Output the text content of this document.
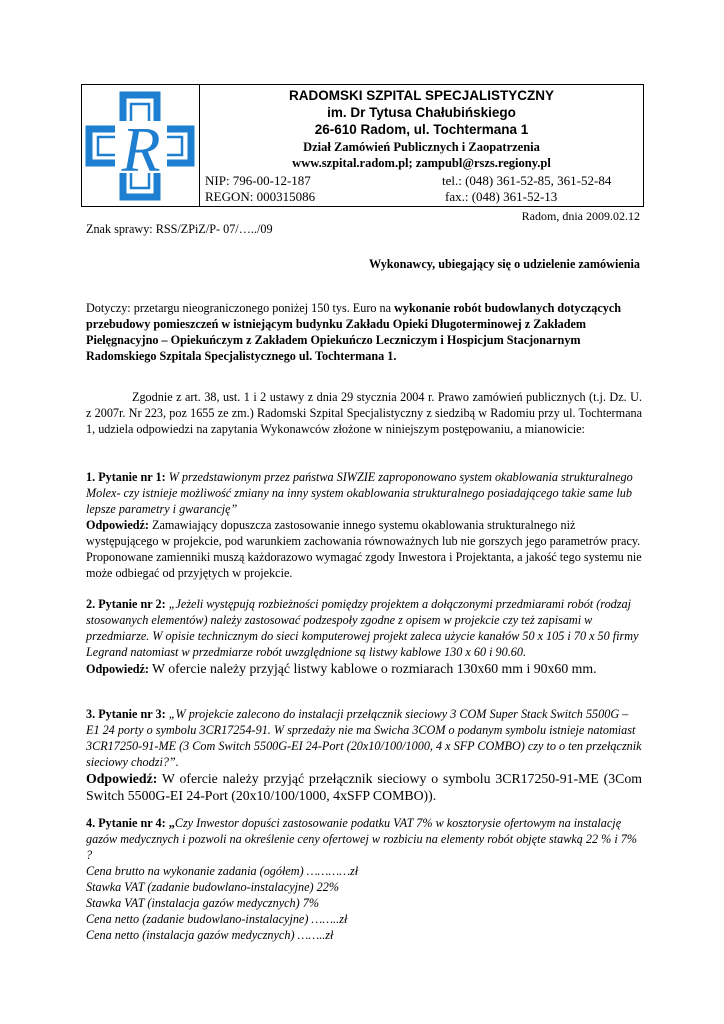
R
RADOMSKI SZPITAL SPECJALISTYCZNY
im. Dr Tytusa Chałubińskiego
26-610 Radom, ul. Tochtermana 1
Dział Zamówień Publicznych i Zaopatrzenia
www.szpital.radom.pl; zampubl@rszs.regiony.pl
NIP: 796-00-12-187	tel.: (048) 361-52-85, 361-52-84
REGON: 000315086	fax.: (048) 361-52-13
Radom, dnia 2009.02.12
Znak sprawy: RSS/ZPiZ/P- 07/…../09
Wykonawcy, ubiegający się o udzielenie zamówienia
Dotyczy: przetargu nieograniczonego poniżej 150 tys. Euro na wykonanie robót budowlanych dotyczących przebudowy pomieszczeń w istniejącym budynku Zakładu Opieki Długoterminowej z Zakładem Pielęgnacyjno – Opiekuńczym z Zakładem Opiekuńczo Leczniczym i Hospicjum Stacjonarnym Radomskiego Szpitala Specjalistycznego ul. Tochtermana 1.
Zgodnie z art. 38, ust. 1 i 2 ustawy z dnia 29 stycznia 2004 r. Prawo zamówień publicznych (t.j. Dz. U. z 2007r. Nr 223, poz 1655 ze zm.) Radomski Szpital Specjalistyczny z siedzibą w Radomiu przy ul. Tochtermana 1, udziela odpowiedzi na zapytania Wykonawców złożone w niniejszym postępowaniu, a mianowicie:
1. Pytanie nr 1: W przedstawionym przez państwa SIWZIE zaproponowano system okablowania strukturalnego Molex- czy istnieje możliwość zmiany na inny system okablowania strukturalnego posiadającego takie same lub lepsze parametry i gwarancję”
Odpowiedź: Zamawiający dopuszcza zastosowanie innego systemu okablowania strukturalnego niż występującego w projekcie, pod warunkiem zachowania równoważnych lub nie gorszych jego parametrów pracy. Proponowane zamienniki muszą każdorazowo wymagać zgody Inwestora i Projektanta, a jakość tego systemu nie może odbiegać od przyjętych w projekcie.
2. Pytanie nr 2: „Jeżeli występują rozbieżności pomiędzy projektem a dołączonymi przedmiarami robót (rodzaj stosowanych elementów) należy zastosować podzespoły zgodne z opisem w projekcie czy też zapisami w przedmiarze. W opisie technicznym do sieci komputerowej projekt zaleca użycie kanałów 50 x 105 i 70 x 50 firmy Legrand natomiast w przedmiarze robót uwzględnione są listwy kablowe 130 x 60 i 90.60.
Odpowiedź: W ofercie należy przyjąć listwy kablowe o rozmiarach 130x60 mm i 90x60 mm.
3. Pytanie nr 3: „W projekcie zalecono do instalacji przełącznik sieciowy 3 COM Super Stack Switch 5500G – E1 24 porty o symbolu 3CR17254-91. W sprzedaży nie ma Swicha 3COM o podanym symbolu istnieje natomiast 3CR17250-91-ME (3 Com Switch 5500G-EI 24-Port (20x10/100/1000, 4 x SFP COMBO) czy to o ten przełącznik sieciowy chodzi?”.
Odpowiedź: W ofercie należy przyjąć przełącznik sieciowy o symbolu 3CR17250-91-ME (3Com Switch 5500G-EI 24-Port (20x10/100/1000, 4xSFP COMBO)).
4. Pytanie nr 4: „Czy Inwestor dopuści zastosowanie podatku VAT 7% w kosztorysie ofertowym na instalację gazów medycznych i pozwoli na określenie ceny ofertowej w rozbiciu na elementy robót objęte stawką 22 % i 7% ?
Cena brutto na wykonanie zadania (ogółem) …………zł
Stawka VAT (zadanie budowlano-instalacyjne) 22%
Stawka VAT (instalacja gazów medycznych) 7%
Cena netto (zadanie budowlano-instalacyjne) ……..zł
Cena netto (instalacja gazów medycznych) ……..zł
